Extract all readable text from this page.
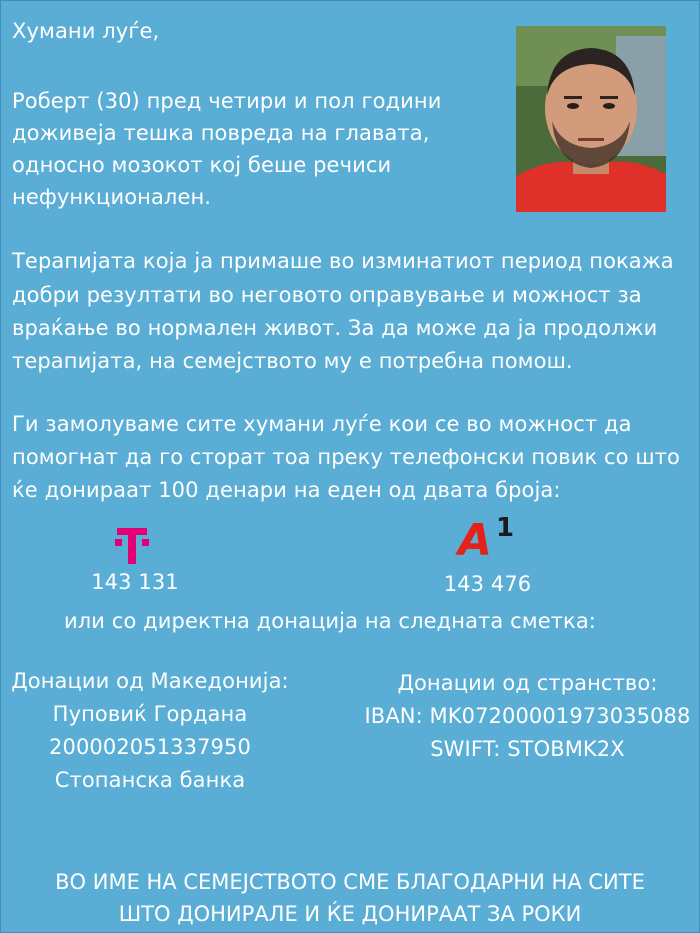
Хумани луѓе,
Роберт (30) пред четири и пол години
доживеја тешка повреда на главата,
односно мозокот кој беше речиси
нефункционален.
Терапијата која ја примаше во изминатиот период покажа
добри резултати во неговото оправување и можност за
враќање во нормален живот. За да може да ја продолжи
терапијата, на семејството му е потребна помош.
Ги замолуваме сите хумани луѓе кои се во можност да
помогнат да го сторат тоа преку телефонски повик со што
ќе донираат 100 денари на еден од двата броја:
143 131
A 1
143 476
или со директна донација на следната сметка:
Донации од Македонија:
Пуповиќ Гордана
200002051337950
Стопанска банка
Донации од странство:
IBAN: MK07200001973035088
SWIFT: STOBMK2X
ВО ИМЕ НА СЕМЕЈСТВОТО СМЕ БЛАГОДАРНИ НА СИТЕ
ШТО ДОНИРАЛЕ И ЌЕ ДОНИРААТ ЗА РОКИ
